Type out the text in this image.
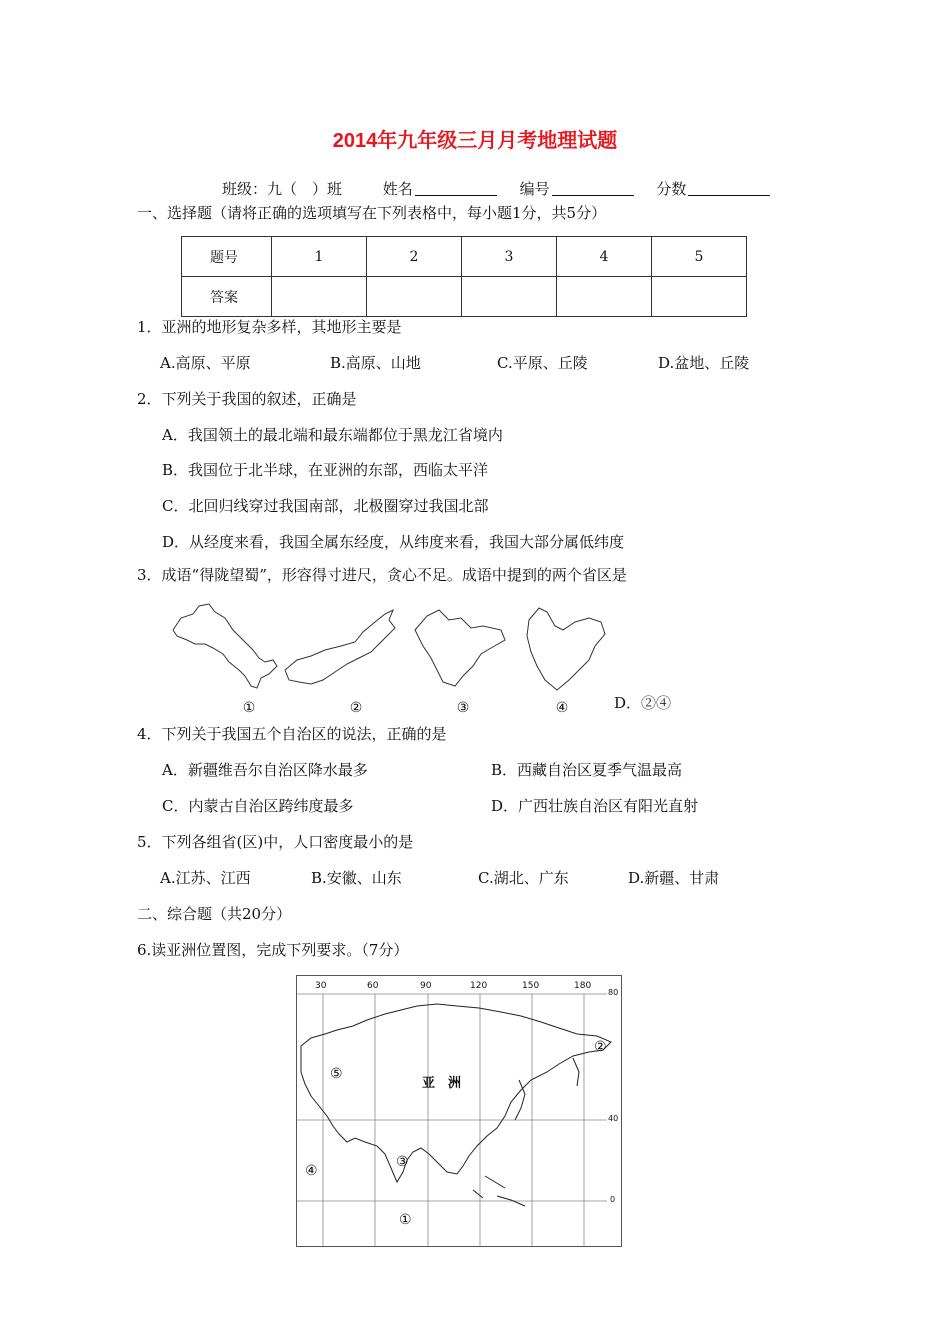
2014年九年级三月月考地理试题
班级：九（　）班	姓名	编号	分数
一、选择题（请将正确的选项填写在下列表格中，每小题1分，共5分）
题号	1	2	3	4	5
答案					
1．亚洲的地形复杂多样，其地形主要是
A.高原、平原	B.高原、山地	C.平原、丘陵	D.盆地、丘陵
2．下列关于我国的叙述，正确是
A．我国领土的最北端和最东端都位于黑龙江省境内
B．我国位于北半球，在亚洲的东部，西临太平洋
C．北回归线穿过我国南部，北极圈穿过我国北部
D．从经度来看，我国全属东经度，从纬度来看，我国大部分属低纬度
3．成语“得陇望蜀”，形容得寸进尺，贪心不足。成语中提到的两个省区是
①	②	③	④	D．②④
4．下列关于我国五个自治区的说法，正确的是
A．新疆维吾尔自治区降水最多	B．西藏自治区夏季气温最高
C．内蒙古自治区跨纬度最多	D．广西壮族自治区有阳光直射
5．下列各组省(区)中，人口密度最小的是
A.江苏、江西	B.安徽、山东	C.湖北、广东	D.新疆、甘肃
二、综合题（共20分）
6.读亚洲位置图，完成下列要求。（7分）
30	60	90	120	150	180
80
40
0
亚　洲
①
②
③
④
⑤
